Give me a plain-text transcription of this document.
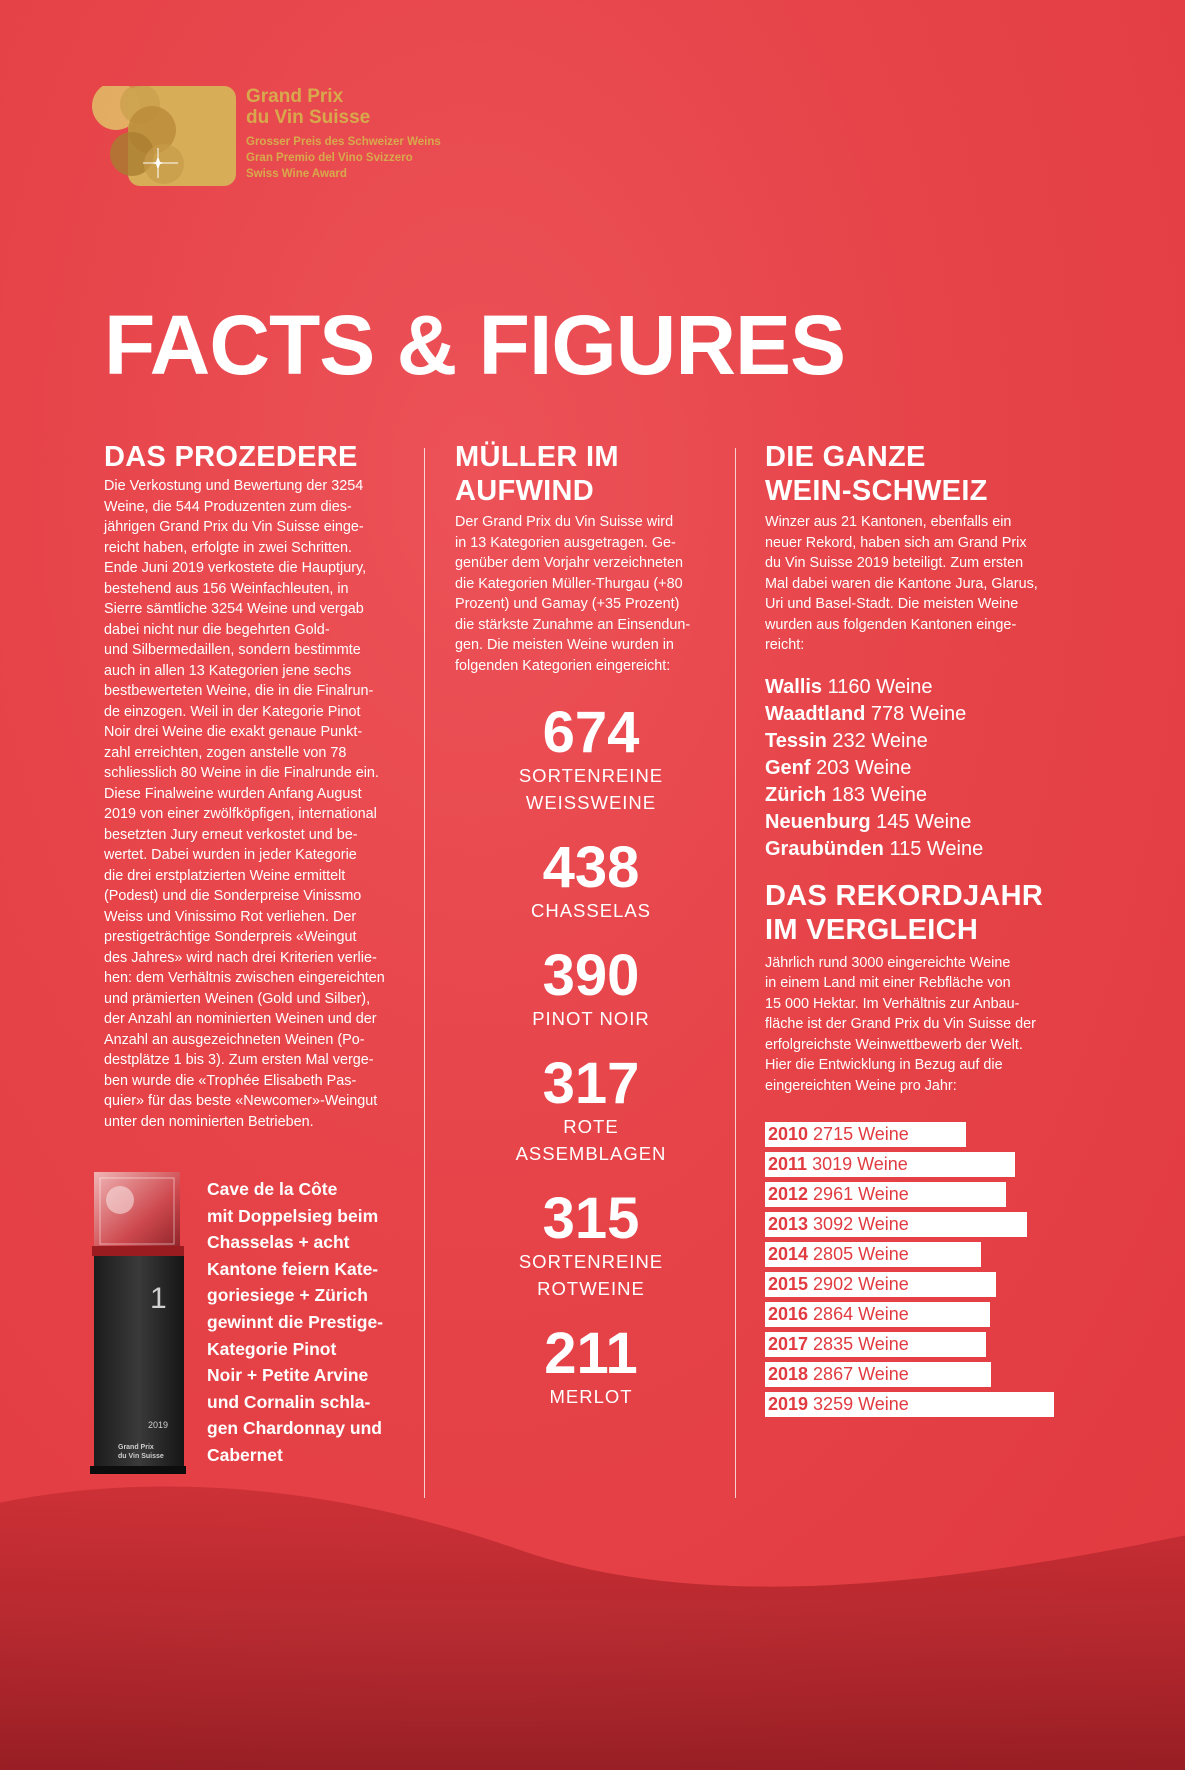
Grand Prix
du Vin Suisse
Grosser Preis des Schweizer Weins
Gran Premio del Vino Svizzero
Swiss Wine Award
FACTS & FIGURES
DAS PROZEDERE

Die Verkostung und Bewertung der 3254
Weine, die 544 Produzenten zum dies-
jährigen Grand Prix du Vin Suisse einge-
reicht haben, erfolgte in zwei Schritten.
Ende Juni 2019 verkostete die Hauptjury,
bestehend aus 156 Weinfachleuten, in
Sierre sämtliche 3254 Weine und vergab
dabei nicht nur die begehrten Gold-
und Silbermedaillen, sondern bestimmte
auch in allen 13 Kategorien jene sechs
bestbewerteten Weine, die in die Finalrun-
de einzogen. Weil in der Kategorie Pinot
Noir drei Weine die exakt genaue Punkt-
zahl erreichten, zogen anstelle von 78
schliesslich 80 Weine in die Finalrunde ein.
Diese Finalweine wurden Anfang August
2019 von einer zwölfköpfigen, international
besetzten Jury erneut verkostet und be-
wertet. Dabei wurden in jeder Kategorie
die drei erstplatzierten Weine ermittelt
(Podest) und die Sonderpreise Vinissmo
Weiss und Vinissimo Rot verliehen. Der
prestigeträchtige Sonderpreis «Weingut
des Jahres» wird nach drei Kriterien verlie-
hen: dem Verhältnis zwischen eingereichten
und prämierten Weinen (Gold und Silber),
der Anzahl an nominierten Weinen und der
Anzahl an ausgezeichneten Weinen (Po-
destplätze 1 bis 3). Zum ersten Mal verge-
ben wurde die «Trophée Elisabeth Pas-
quier» für das beste «Newcomer»-Weingut
unter den nominierten Betrieben.

MÜLLER IM
AUFWIND

Der Grand Prix du Vin Suisse wird
in 13 Kategorien ausgetragen. Ge-
genüber dem Vorjahr verzeichneten
die Kategorien Müller-Thurgau (+80
Prozent) und Gamay (+35 Prozent)
die stärkste Zunahme an Einsendun-
gen. Die meisten Weine wurden in
folgenden Kategorien eingereicht:

674
SORTENREINE
WEISSWEINE
438
CHASSELAS
390
PINOT NOIR
317
ROTE
ASSEMBLAGEN
315
SORTENREINE
ROTWEINE
211
MERLOT
DIE GANZE
WEIN-SCHWEIZ

Winzer aus 21 Kantonen, ebenfalls ein
neuer Rekord, haben sich am Grand Prix
du Vin Suisse 2019 beteiligt. Zum ersten
Mal dabei waren die Kantone Jura, Glarus,
Uri und Basel-Stadt. Die meisten Weine
wurden aus folgenden Kantonen einge-
reicht:

Wallis 1160 Weine
Waadtland 778 Weine
Tessin 232 Weine
Genf 203 Weine
Zürich 183 Weine
Neuenburg 145 Weine
Graubünden 115 Weine
DAS REKORDJAHR
IM VERGLEICH

Jährlich rund 3000 eingereichte Weine
in einem Land mit einer Rebfläche von
15 000 Hektar. Im Verhältnis zur Anbau-
fläche ist der Grand Prix du Vin Suisse der
erfolgreichste Weinwettbewerb der Welt.
Hier die Entwicklung in Bezug auf die
eingereichten Weine pro Jahr:

2010 2715 Weine
2011 3019 Weine
2012 2961 Weine
2013 3092 Weine
2014 2805 Weine
2015 2902 Weine
2016 2864 Weine
2017 2835 Weine
2018 2867 Weine
2019 3259 Weine
1
2019
Grand Prix
du Vin Suisse

Cave de la Côte
mit Doppelsieg beim
Chasselas + acht
Kantone feiern Kate-
goriesiege + Zürich
gewinnt die Prestige-
Kategorie Pinot
Noir + Petite Arvine
und Cornalin schla-
gen Chardonnay und
Cabernet
